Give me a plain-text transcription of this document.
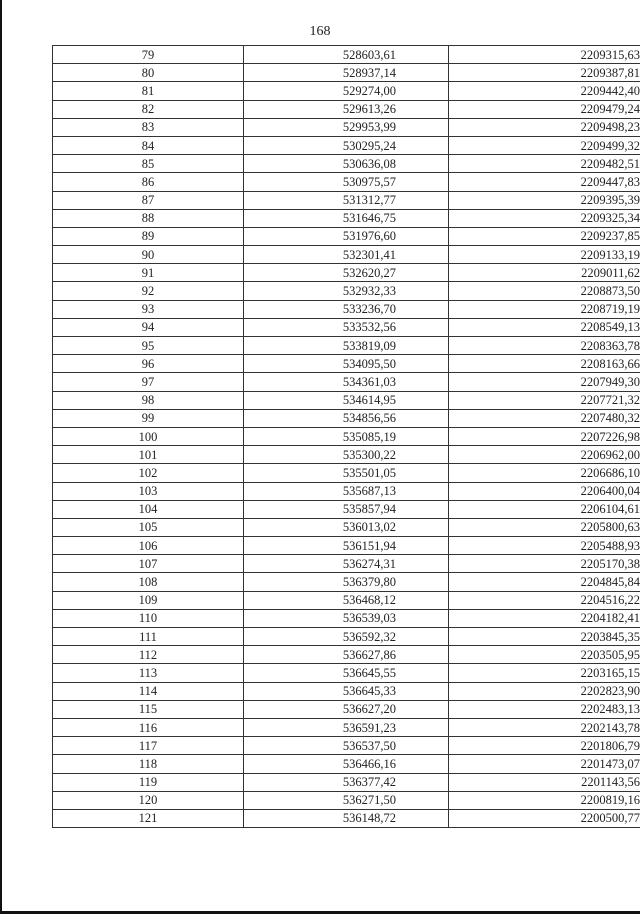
168
79	528603,61	2209315,63
80	528937,14	2209387,81
81	529274,00	2209442,40
82	529613,26	2209479,24
83	529953,99	2209498,23
84	530295,24	2209499,32
85	530636,08	2209482,51
86	530975,57	2209447,83
87	531312,77	2209395,39
88	531646,75	2209325,34
89	531976,60	2209237,85
90	532301,41	2209133,19
91	532620,27	2209011,62
92	532932,33	2208873,50
93	533236,70	2208719,19
94	533532,56	2208549,13
95	533819,09	2208363,78
96	534095,50	2208163,66
97	534361,03	2207949,30
98	534614,95	2207721,32
99	534856,56	2207480,32
100	535085,19	2207226,98
101	535300,22	2206962,00
102	535501,05	2206686,10
103	535687,13	2206400,04
104	535857,94	2206104,61
105	536013,02	2205800,63
106	536151,94	2205488,93
107	536274,31	2205170,38
108	536379,80	2204845,84
109	536468,12	2204516,22
110	536539,03	2204182,41
111	536592,32	2203845,35
112	536627,86	2203505,95
113	536645,55	2203165,15
114	536645,33	2202823,90
115	536627,20	2202483,13
116	536591,23	2202143,78
117	536537,50	2201806,79
118	536466,16	2201473,07
119	536377,42	2201143,56
120	536271,50	2200819,16
121	536148,72	2200500,77
